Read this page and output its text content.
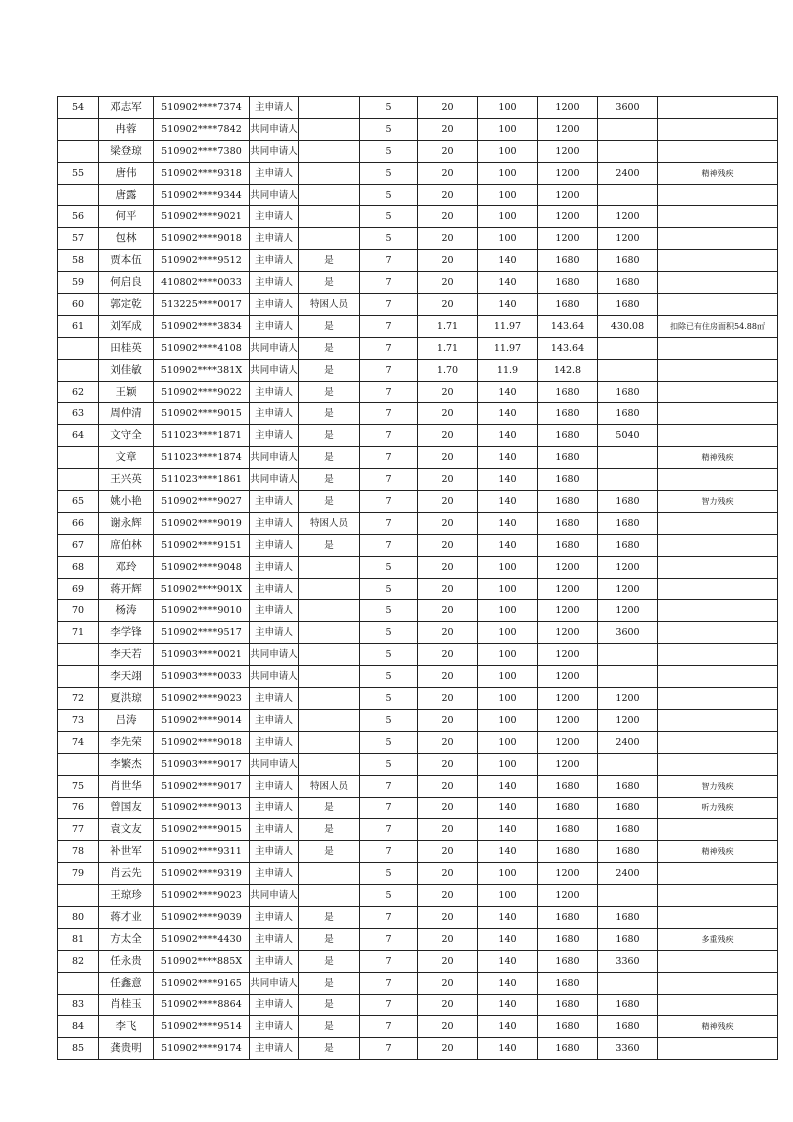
54	邓志军	510902****7374	主申请人		5	20	100	1200	3600	
	冉蓉	510902****7842	共同申请人		5	20	100	1200		
	梁登琼	510902****7380	共同申请人		5	20	100	1200		
55	唐伟	510902****9318	主申请人		5	20	100	1200	2400	精神残疾
	唐露	510902****9344	共同申请人		5	20	100	1200		
56	何平	510902****9021	主申请人		5	20	100	1200	1200	
57	包林	510902****9018	主申请人		5	20	100	1200	1200	
58	贾本伍	510902****9512	主申请人	是	7	20	140	1680	1680	
59	何启良	410802****0033	主申请人	是	7	20	140	1680	1680	
60	郭定乾	513225****0017	主申请人	特困人员	7	20	140	1680	1680	
61	刘军成	510902****3834	主申请人	是	7	1.71	11.97	143.64	430.08	扣除已有住房面积54.88㎡
	田桂英	510902****4108	共同申请人	是	7	1.71	11.97	143.64		
	刘佳敏	510902****381X	共同申请人	是	7	1.70	11.9	142.8		
62	王颖	510902****9022	主申请人	是	7	20	140	1680	1680	
63	周仲清	510902****9015	主申请人	是	7	20	140	1680	1680	
64	文守全	511023****1871	主申请人	是	7	20	140	1680	5040	
	文章	511023****1874	共同申请人	是	7	20	140	1680		精神残疾
	王兴英	511023****1861	共同申请人	是	7	20	140	1680		
65	姚小艳	510902****9027	主申请人	是	7	20	140	1680	1680	智力残疾
66	谢永辉	510902****9019	主申请人	特困人员	7	20	140	1680	1680	
67	席伯林	510902****9151	主申请人	是	7	20	140	1680	1680	
68	邓玲	510902****9048	主申请人		5	20	100	1200	1200	
69	蒋开辉	510902****901X	主申请人		5	20	100	1200	1200	
70	杨涛	510902****9010	主申请人		5	20	100	1200	1200	
71	李学锋	510902****9517	主申请人		5	20	100	1200	3600	
	李天若	510903****0021	共同申请人		5	20	100	1200		
	李天翊	510903****0033	共同申请人		5	20	100	1200		
72	夏洪琼	510902****9023	主申请人		5	20	100	1200	1200	
73	吕涛	510902****9014	主申请人		5	20	100	1200	1200	
74	李先荣	510902****9018	主申请人		5	20	100	1200	2400	
	李繁杰	510903****9017	共同申请人		5	20	100	1200		
75	肖世华	510902****9017	主申请人	特困人员	7	20	140	1680	1680	智力残疾
76	曾国友	510902****9013	主申请人	是	7	20	140	1680	1680	听力残疾
77	袁文友	510902****9015	主申请人	是	7	20	140	1680	1680	
78	补世军	510902****9311	主申请人	是	7	20	140	1680	1680	精神残疾
79	肖云先	510902****9319	主申请人		5	20	100	1200	2400	
	王琼珍	510902****9023	共同申请人		5	20	100	1200		
80	蒋才业	510902****9039	主申请人	是	7	20	140	1680	1680	
81	方太全	510902****4430	主申请人	是	7	20	140	1680	1680	多重残疾
82	任永贵	510902****885X	主申请人	是	7	20	140	1680	3360	
	任鑫意	510902****9165	共同申请人	是	7	20	140	1680		
83	肖桂玉	510902****8864	主申请人	是	7	20	140	1680	1680	
84	李飞	510902****9514	主申请人	是	7	20	140	1680	1680	精神残疾
85	龚贵明	510902****9174	主申请人	是	7	20	140	1680	3360	
